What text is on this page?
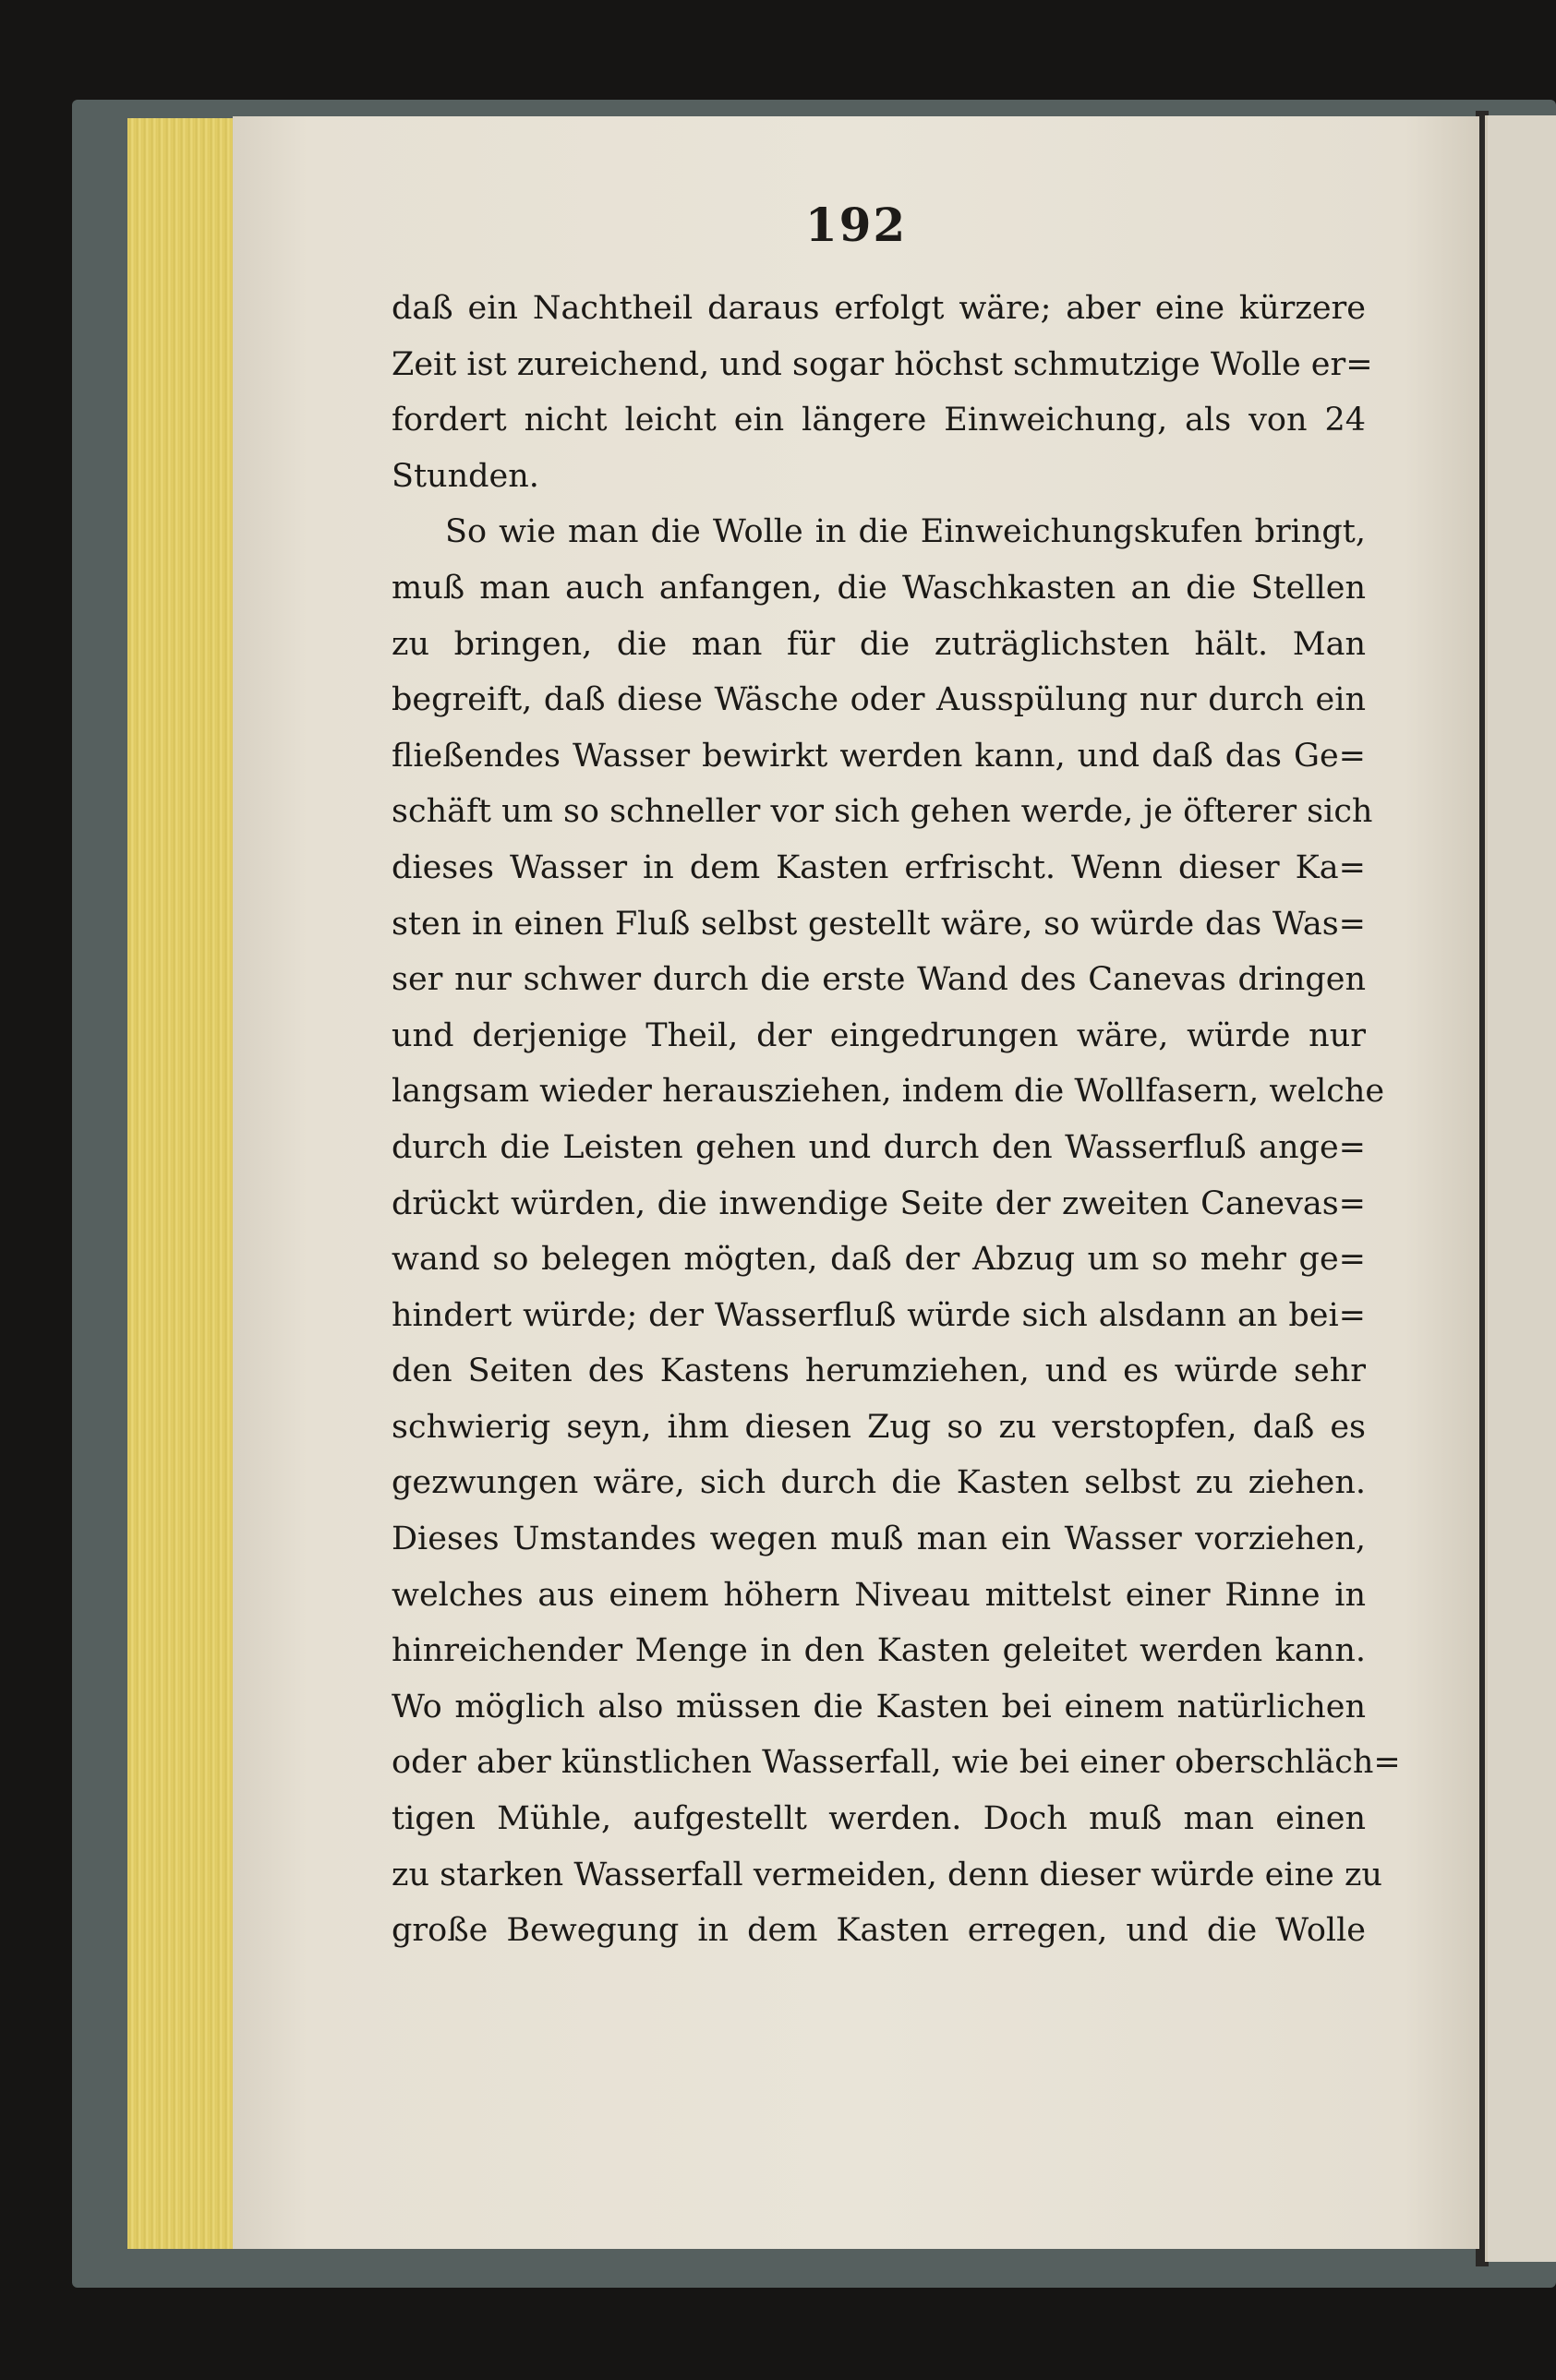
192
daß ein Nachtheil daraus erfolgt wäre; aber eine kürzere
Zeit ist zureichend, und sogar höchst schmutzige Wolle er=
fordert nicht leicht ein längere Einweichung, als von 24
Stunden.
So wie man die Wolle in die Einweichungskufen bringt,
muß man auch anfangen, die Waschkasten an die Stellen
zu bringen, die man für die zuträglichsten hält. Man
begreift, daß diese Wäsche oder Ausspülung nur durch ein
fließendes Wasser bewirkt werden kann, und daß das Ge=
schäft um so schneller vor sich gehen werde, je öfterer sich
dieses Wasser in dem Kasten erfrischt. Wenn dieser Ka=
sten in einen Fluß selbst gestellt wäre, so würde das Was=
ser nur schwer durch die erste Wand des Canevas dringen
und derjenige Theil, der eingedrungen wäre, würde nur
langsam wieder herausziehen, indem die Wollfasern, welche
durch die Leisten gehen und durch den Wasserfluß ange=
drückt würden, die inwendige Seite der zweiten Canevas=
wand so belegen mögten, daß der Abzug um so mehr ge=
hindert würde; der Wasserfluß würde sich alsdann an bei=
den Seiten des Kastens herumziehen, und es würde sehr
schwierig seyn, ihm diesen Zug so zu verstopfen, daß es
gezwungen wäre, sich durch die Kasten selbst zu ziehen.
Dieses Umstandes wegen muß man ein Wasser vorziehen,
welches aus einem höhern Niveau mittelst einer Rinne in
hinreichender Menge in den Kasten geleitet werden kann.
Wo möglich also müssen die Kasten bei einem natürlichen
oder aber künstlichen Wasserfall, wie bei einer oberschläch=
tigen Mühle, aufgestellt werden. Doch muß man einen
zu starken Wasserfall vermeiden, denn dieser würde eine zu
große Bewegung in dem Kasten erregen, und die Wolle
